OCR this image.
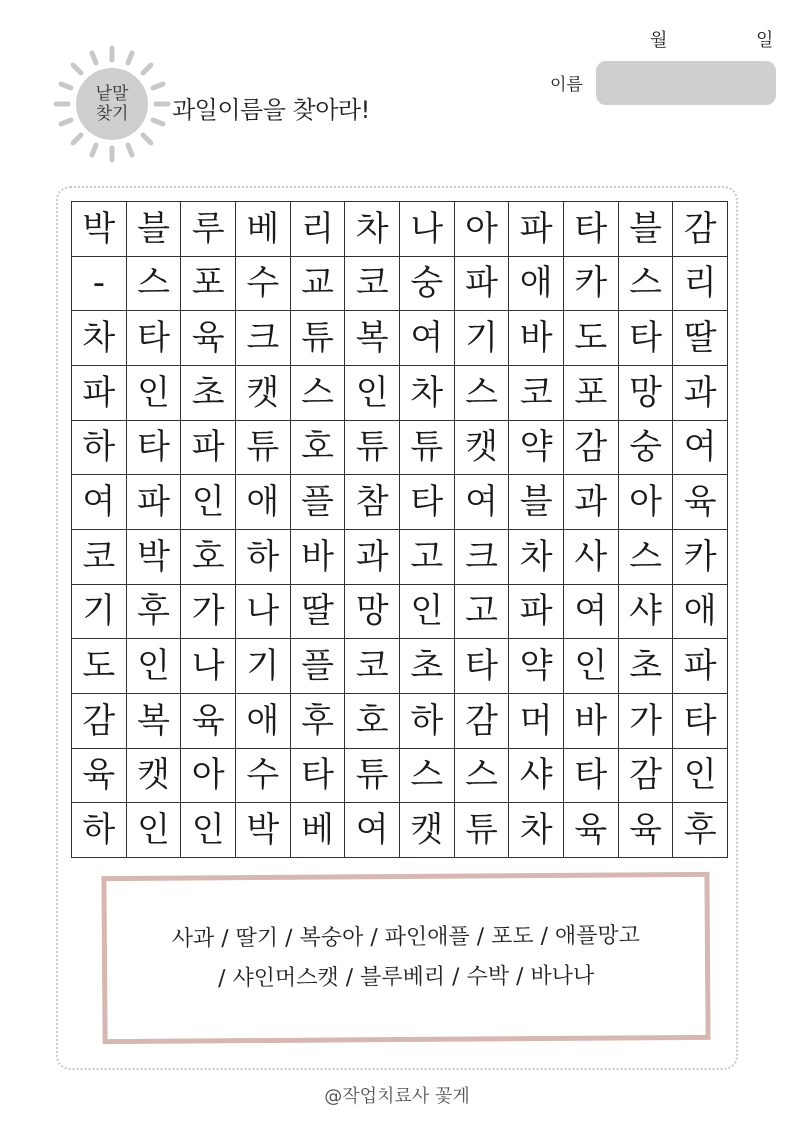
낱말
찾기 과일이름을 찾아라!
월	일
이름
박 블 루 베 리 차 나 아 파 타 블 감
- 스 포 수 교 코 숭 파 애 카 스 리
차 타 육 크 튜 복 여 기 바 도 타 딸
파 인 초 캣 스 인 차 스 코 포 망 과
하 타 파 튜 호 튜 튜 캣 약 감 숭 여
여 파 인 애 플 참 타 여 블 과 아 육
코 박 호 하 바 과 고 크 차 사 스 카
기 후 가 나 딸 망 인 고 파 여 샤 애
도 인 나 기 플 코 초 타 약 인 초 파
감 복 육 애 후 호 하 감 머 바 가 타
육 캣 아 수 타 튜 스 스 샤 타 감 인
하 인 인 박 베 여 캣 튜 차 육 육 후
사과 / 딸기 / 복숭아 / 파인애플 / 포도 / 애플망고
/ 샤인머스캣 / 블루베리 / 수박 / 바나나
@작업치료사 꽃게
